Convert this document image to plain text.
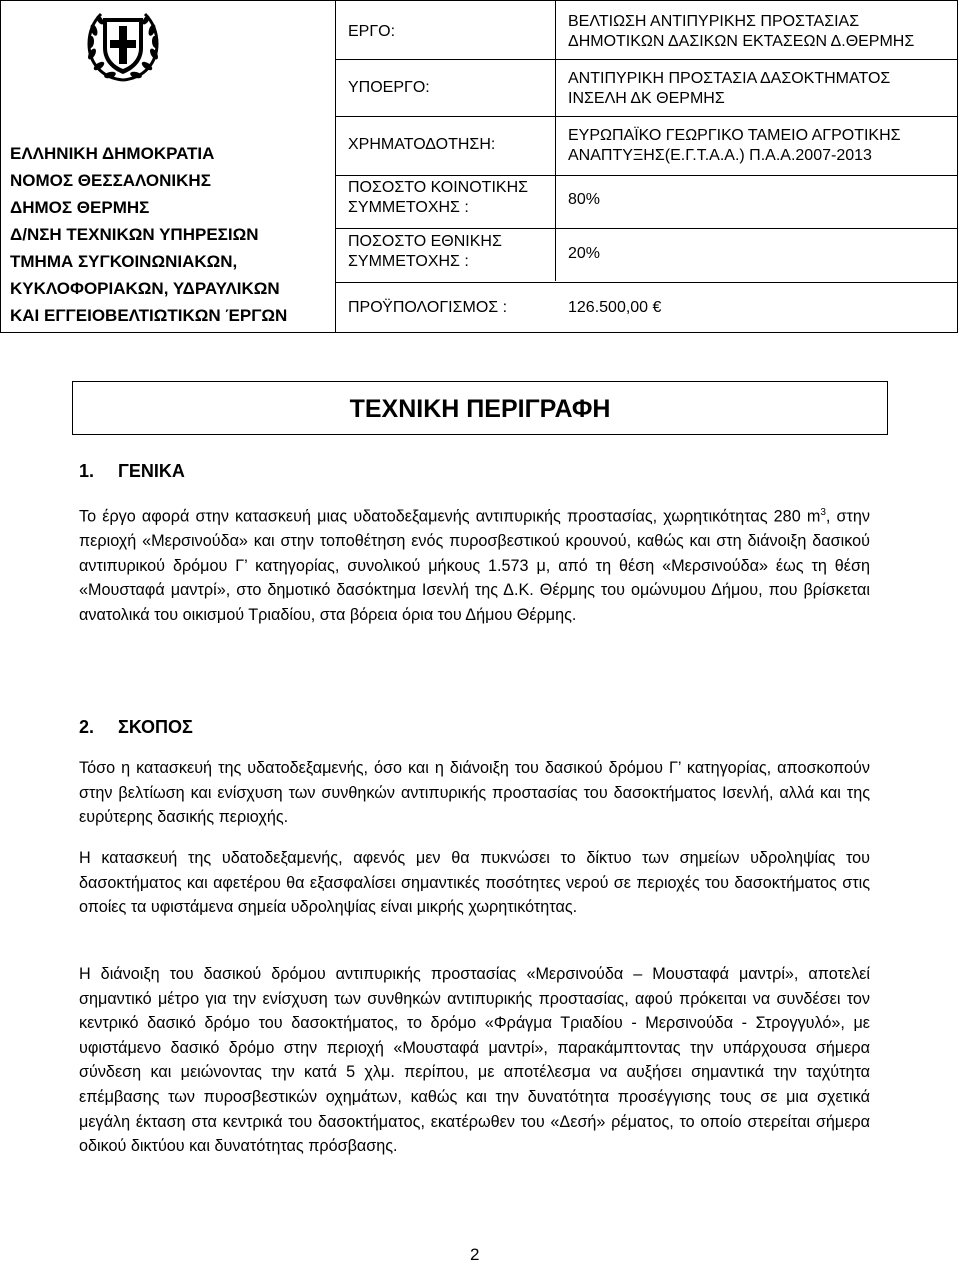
ΕΛΛΗΝΙΚΗ ΔΗΜΟΚΡΑΤΙΑ
ΝΟΜΟΣ ΘΕΣΣΑΛΟΝΙΚΗΣ
ΔΗΜΟΣ ΘΕΡΜΗΣ
Δ/ΝΣΗ ΤΕΧΝΙΚΩΝ ΥΠΗΡΕΣΙΩΝ
ΤΜΗΜΑ ΣΥΓΚΟΙΝΩΝΙΑΚΩΝ,
ΚΥΚΛΟΦΟΡΙΑΚΩΝ, ΥΔΡΑΥΛΙΚΩΝ
ΚΑΙ ΕΓΓΕΙΟΒΕΛΤΙΩΤΙΚΩΝ ΈΡΓΩΝ
ΕΡΓΟ:
ΥΠΟΕΡΓΟ:
ΧΡΗΜΑΤΟΔΟΤΗΣΗ:
ΠΟΣΟΣΤΟ ΚΟΙΝΟΤΙΚΗΣ
ΣΥΜΜΕΤΟΧΗΣ :
ΠΟΣΟΣΤΟ ΕΘΝΙΚΗΣ
ΣΥΜΜΕΤΟΧΗΣ :
ΠΡΟΫΠΟΛΟΓΙΣΜΟΣ :
ΒΕΛΤΙΩΣΗ ΑΝΤΙΠΥΡΙΚΗΣ ΠΡΟΣΤΑΣΙΑΣ
ΔΗΜΟΤΙΚΩΝ ΔΑΣΙΚΩΝ ΕΚΤΑΣΕΩΝ Δ.ΘΕΡΜΗΣ
ΑΝΤΙΠΥΡΙΚΗ ΠΡΟΣΤΑΣΙΑ ΔΑΣΟΚΤΗΜΑΤΟΣ
ΙΝΣΕΛΗ ΔΚ ΘΕΡΜΗΣ
ΕΥΡΩΠΑΪΚΟ ΓΕΩΡΓΙΚΟ ΤΑΜΕΙΟ ΑΓΡΟΤΙΚΗΣ
ΑΝΑΠΤΥΞΗΣ(Ε.Γ.Τ.Α.Α.) Π.Α.Α.2007-2013
80%
20%
126.500,00 €
ΤΕΧΝΙΚΗ ΠΕΡΙΓΡΑΦΗ
1. ΓΕΝΙΚΑ

Το έργο αφορά στην κατασκευή μιας υδατοδεξαμενής αντιπυρικής προστασίας, χωρητικότητας 280 $m^3$, στην περιοχή «Μερσινούδα» και στην τοποθέτηση ενός πυροσβεστικού κρουνού, καθώς και στη διάνοιξη δασικού αντιπυρικού δρόμου Γ’ κατηγορίας, συνολικού μήκους 1.573 μ, από τη θέση «Μερσινούδα» έως τη θέση «Μουσταφά μαντρί», στο δημοτικό δασόκτημα Ισενλή της Δ.Κ. Θέρμης του ομώνυμου Δήμου, που βρίσκεται ανατολικά του οικισμού Τριαδίου, στα βόρεια όρια του Δήμου Θέρμης.

2. ΣΚΟΠΟΣ

Τόσο η κατασκευή της υδατοδεξαμενής, όσο και η διάνοιξη του δασικού δρόμου Γ’ κατηγορίας, αποσκοπούν στην βελτίωση και ενίσχυση των συνθηκών αντιπυρικής προστασίας του δασοκτήματος Ισενλή, αλλά και της ευρύτερης δασικής περιοχής.

Η κατασκευή της υδατοδεξαμενής, αφενός μεν θα πυκνώσει το δίκτυο των σημείων υδροληψίας του δασοκτήματος και αφετέρου θα εξασφαλίσει σημαντικές ποσότητες νερού σε περιοχές του δασοκτήματος στις οποίες τα υφιστάμενα σημεία υδροληψίας είναι μικρής χωρητικότητας.

Η διάνοιξη του δασικού δρόμου αντιπυρικής προστασίας «Μερσινούδα – Μουσταφά μαντρί», αποτελεί σημαντικό μέτρο για την ενίσχυση των συνθηκών αντιπυρικής προστασίας, αφού πρόκειται να συνδέσει τον κεντρικό δασικό δρόμο του δασοκτήματος, το δρόμο «Φράγμα Τριαδίου - Μερσινούδα - Στρογγυλό», με υφιστάμενο δασικό δρόμο στην περιοχή «Μουσταφά μαντρί», παρακάμπτοντας την υπάρχουσα σήμερα σύνδεση και μειώνοντας την κατά 5 χλμ. περίπου, με αποτέλεσμα να αυξήσει σημαντικά την ταχύτητα επέμβασης των πυροσβεστικών οχημάτων, καθώς και την δυνατότητα προσέγγισης τους σε μια σχετικά μεγάλη έκταση στα κεντρικά του δασοκτήματος, εκατέρωθεν του «Δεσή» ρέματος, το οποίο στερείται σήμερα οδικού δικτύου και δυνατότητας πρόσβασης.

2
